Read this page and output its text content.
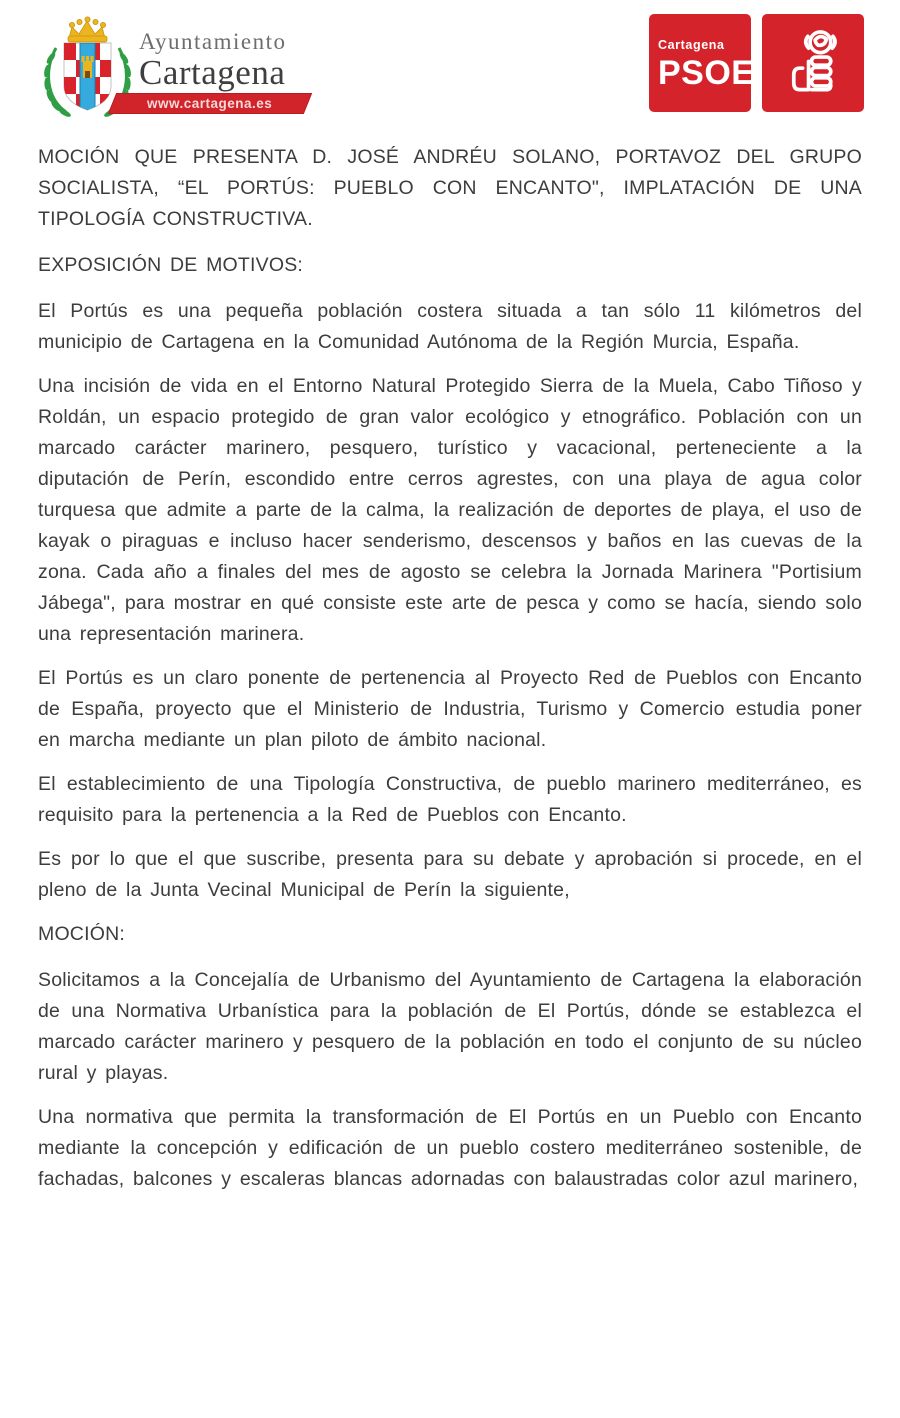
Ayuntamiento
Cartagena
www.cartagena.es
Cartagena
PSOE

MOCIÓN QUE PRESENTA D. JOSÉ ANDRÉU SOLANO, PORTAVOZ DEL GRUPO SOCIALISTA, “EL PORTÚS: PUEBLO CON ENCANTO", IMPLATACIÓN DE UNA TIPOLOGÍA CONSTRUCTIVA.

EXPOSICIÓN DE MOTIVOS:

El Portús es una pequeña población costera situada a tan sólo 11 kilómetros del municipio de Cartagena en la Comunidad Autónoma de la Región Murcia, España.

Una incisión de vida en el Entorno Natural Protegido Sierra de la Muela, Cabo Tiñoso y Roldán, un espacio protegido de gran valor ecológico y etnográfico. Población con un marcado carácter marinero, pesquero, turístico y vacacional, perteneciente a la diputación de Perín, escondido entre cerros agrestes, con una playa de agua color turquesa que admite a parte de la calma, la realización de deportes de playa, el uso de kayak o piraguas e incluso hacer senderismo, descensos y baños en las cuevas de la zona. Cada año a finales del mes de agosto se celebra la Jornada Marinera "Portisium Jábega", para mostrar en qué consiste este arte de pesca y como se hacía, siendo solo una representación marinera.

El Portús es un claro ponente de pertenencia al Proyecto Red de Pueblos con Encanto de España, proyecto que el Ministerio de Industria, Turismo y Comercio estudia poner en marcha mediante un plan piloto de ámbito nacional.

El establecimiento de una Tipología Constructiva, de pueblo marinero mediterráneo, es requisito para la pertenencia a la Red de Pueblos con Encanto.

Es por lo que el que suscribe, presenta para su debate y aprobación si procede, en el pleno de la Junta Vecinal Municipal de Perín la siguiente,

MOCIÓN:

Solicitamos a la Concejalía de Urbanismo del Ayuntamiento de Cartagena la elaboración de una Normativa Urbanística para la población de El Portús, dónde se establezca el marcado carácter marinero y pesquero de la población en todo el conjunto de su núcleo rural y playas.

Una normativa que permita la transformación de El Portús en un Pueblo con Encanto mediante la concepción y edificación de un pueblo costero mediterráneo sostenible, de fachadas, balcones y escaleras blancas adornadas con balaustradas color azul marinero,
